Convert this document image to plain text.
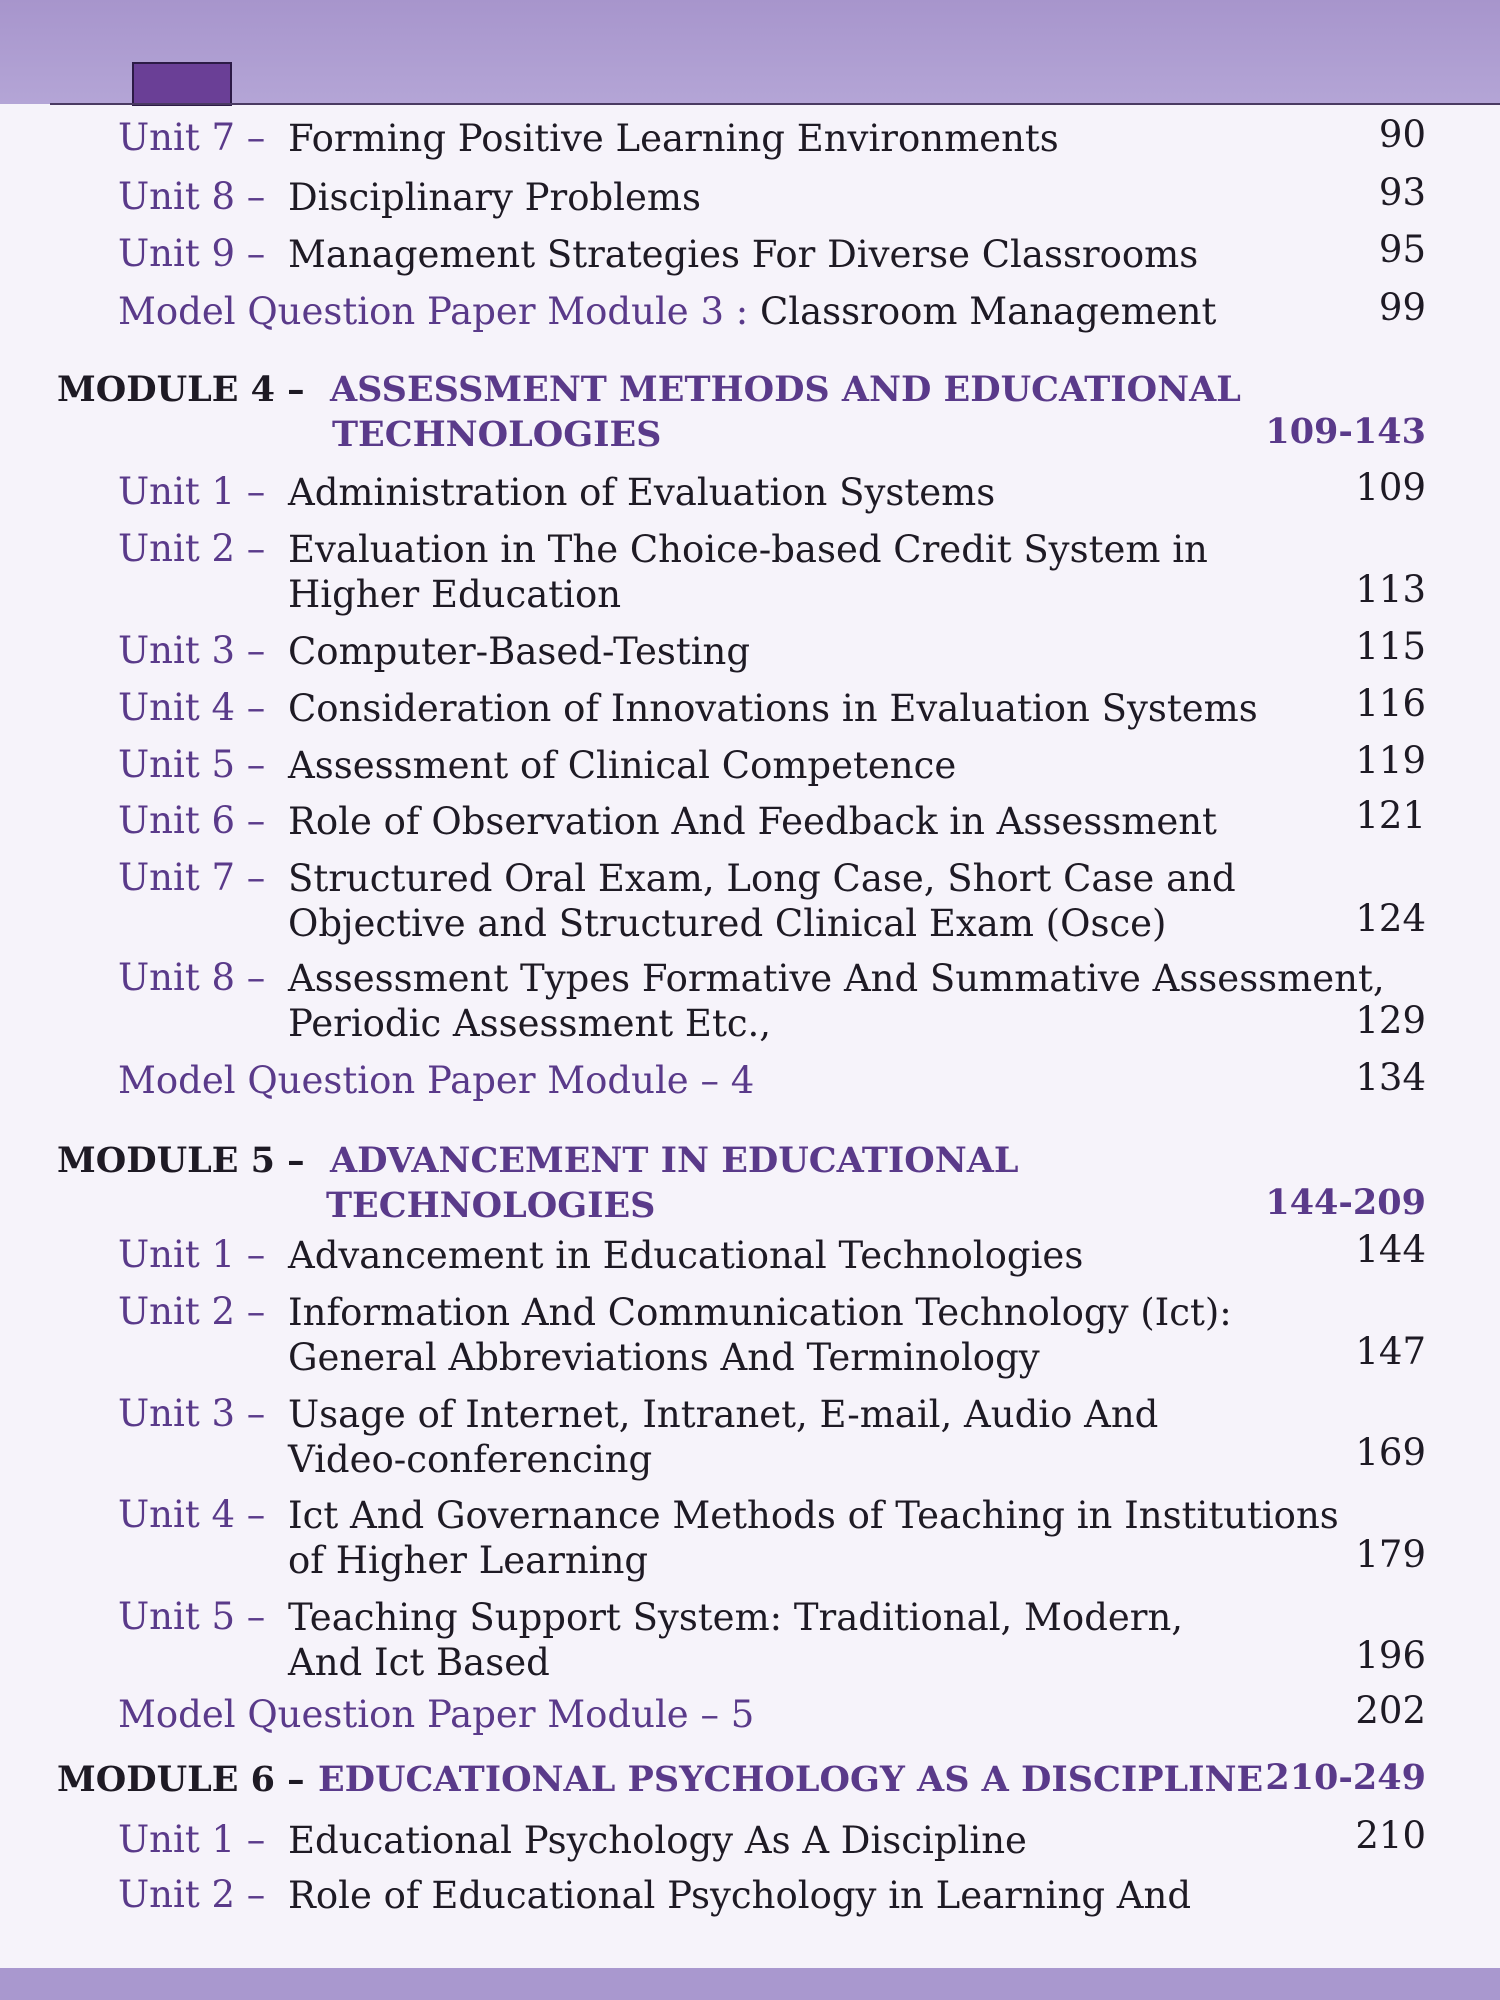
Unit 7 – Forming Positive Learning Environments	90
Unit 8 – Disciplinary Problems	93
Unit 9 – Management Strategies For Diverse Classrooms	95
Model Question Paper Module 3 : Classroom Management	99
MODULE 4 – ASSESSMENT METHODS AND EDUCATIONAL
TECHNOLOGIES	109-143
Unit 1 – Administration of Evaluation Systems	109
Unit 2 – Evaluation in The Choice-based Credit System in
Higher Education	113
Unit 3 – Computer-Based-Testing	115
Unit 4 – Consideration of Innovations in Evaluation Systems	116
Unit 5 – Assessment of Clinical Competence	119
Unit 6 – Role of Observation And Feedback in Assessment	121
Unit 7 – Structured Oral Exam, Long Case, Short Case and
Objective and Structured Clinical Exam (Osce)	124
Unit 8 – Assessment Types Formative And Summative Assessment,
Periodic Assessment Etc.,	129
Model Question Paper Module – 4	134
MODULE 5 – ADVANCEMENT IN EDUCATIONAL
TECHNOLOGIES	144-209
Unit 1 – Advancement in Educational Technologies	144
Unit 2 – Information And Communication Technology (Ict):
General Abbreviations And Terminology	147
Unit 3 – Usage of Internet, Intranet, E-mail, Audio And
Video-conferencing	169
Unit 4 – Ict And Governance Methods of Teaching in Institutions
of Higher Learning	179
Unit 5 – Teaching Support System: Traditional, Modern,
And Ict Based	196
Model Question Paper Module – 5	202
MODULE 6 – EDUCATIONAL PSYCHOLOGY AS A DISCIPLINE 210-249
Unit 1 – Educational Psychology As A Discipline	210
Unit 2 – Role of Educational Psychology in Learning And
